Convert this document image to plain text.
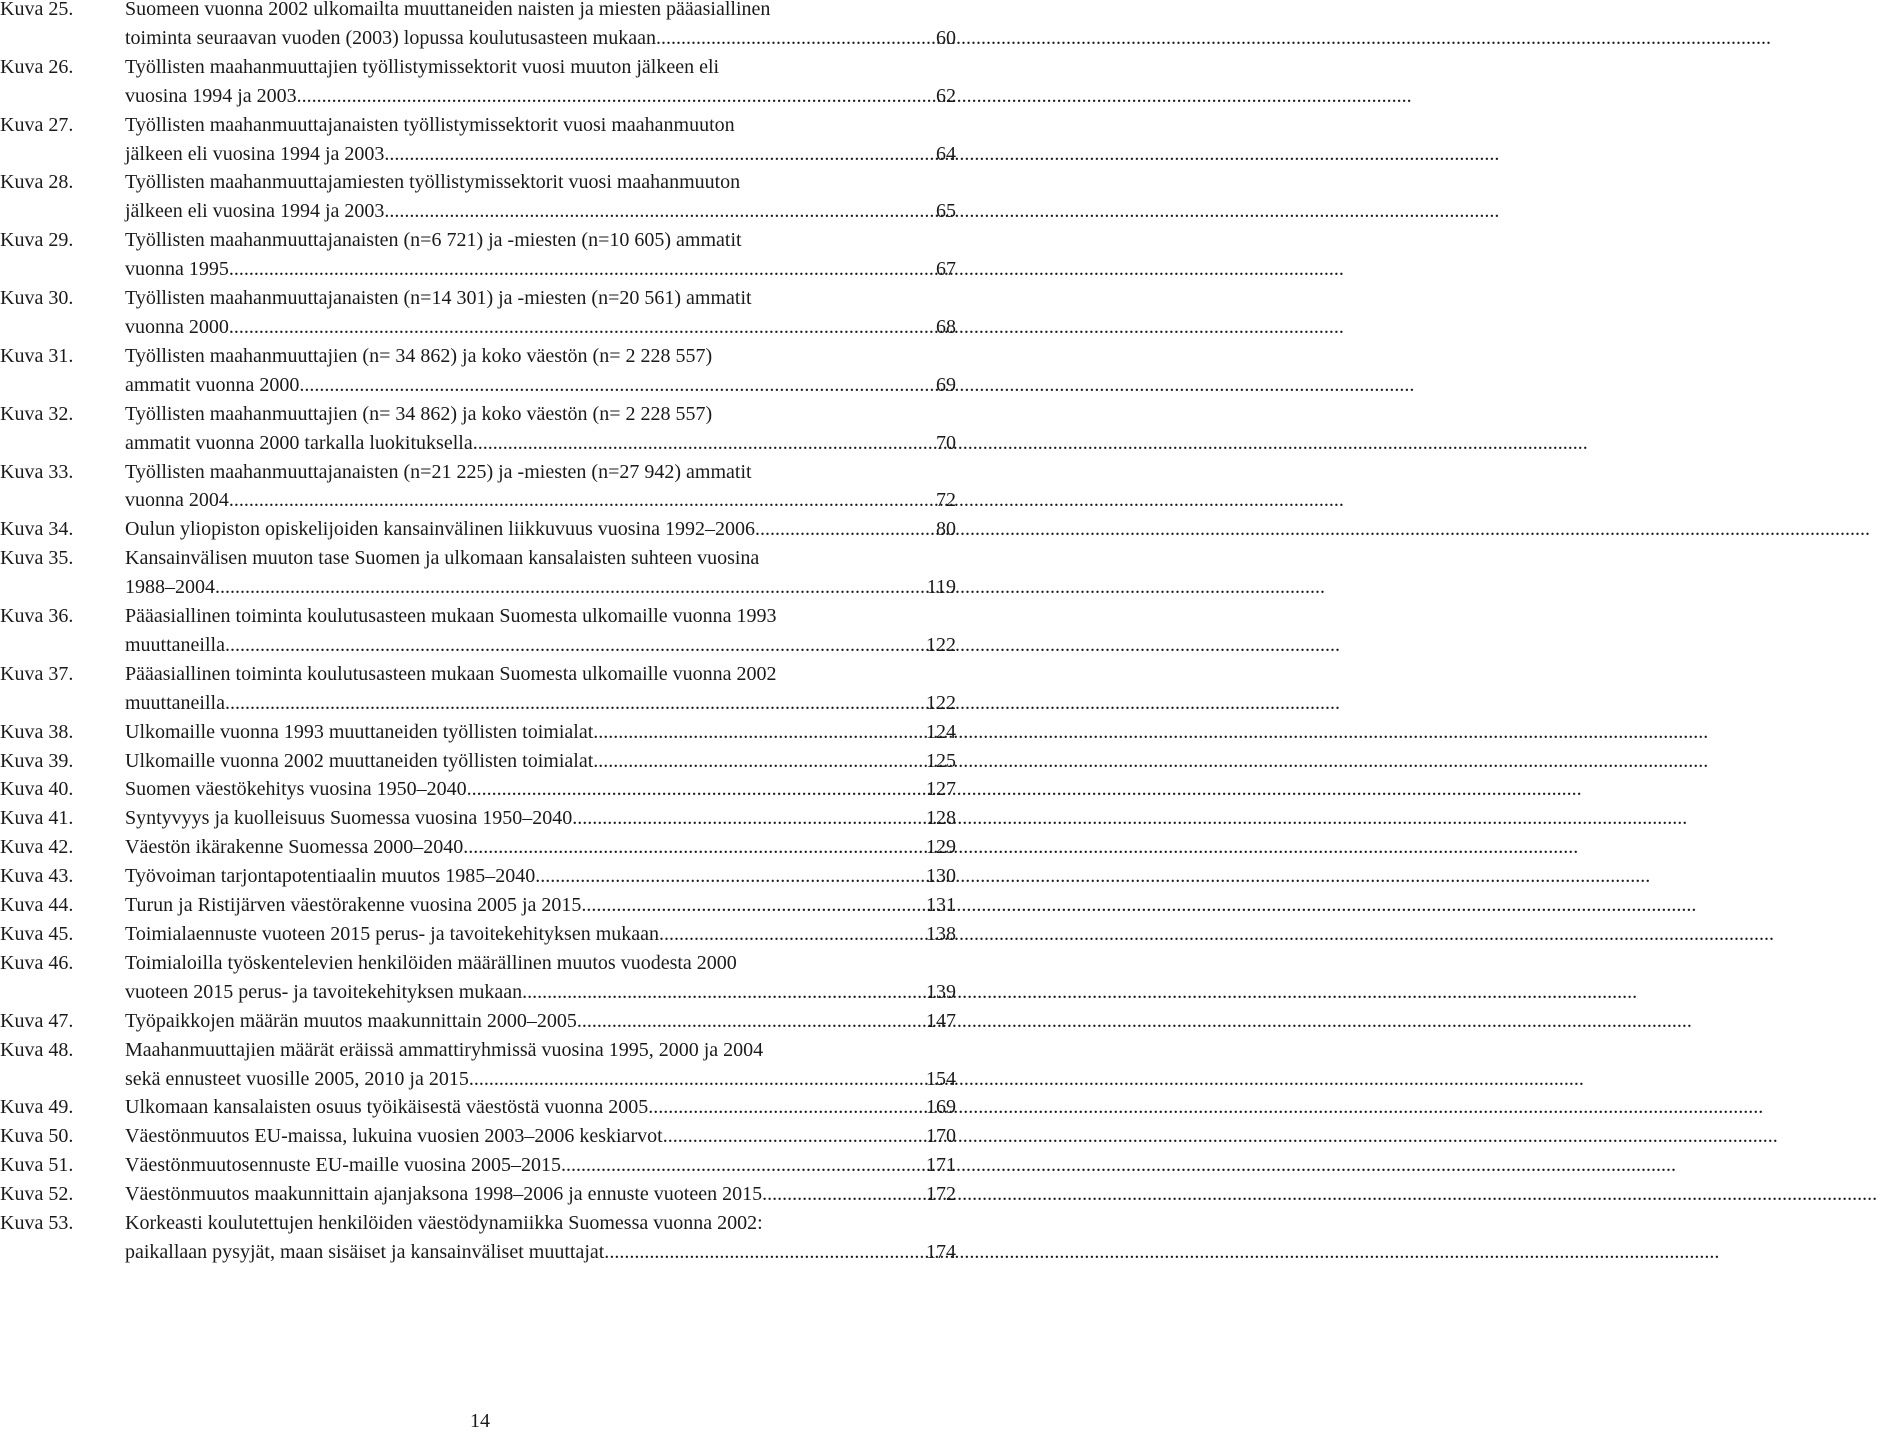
Kuva 25.	Suomeen vuonna 2002 ulkomailta muuttaneiden naisten ja miesten pääasiallinen
toiminta seuraavan vuoden (2003) lopussa koulutusasteen mukaan. .....	60
Kuva 26.	Työllisten maahanmuuttajien työllistymissektorit vuosi muuton jälkeen eli
vuosina 1994 ja 2003. .....	62
Kuva 27.	Työllisten maahanmuuttajanaisten työllistymissektorit vuosi maahanmuuton
jälkeen eli vuosina 1994 ja 2003. .....	64
Kuva 28.	Työllisten maahanmuuttajamiesten työllistymissektorit vuosi maahanmuuton
jälkeen eli vuosina 1994 ja 2003. .....	65
Kuva 29.	Työllisten maahanmuuttajanaisten (n=6 721) ja -miesten (n=10 605) ammatit
vuonna 1995. .....	67
Kuva 30.	Työllisten maahanmuuttajanaisten (n=14 301) ja -miesten (n=20 561) ammatit
vuonna 2000. .....	68
Kuva 31.	Työllisten maahanmuuttajien (n= 34 862) ja koko väestön (n= 2 228 557)
ammatit vuonna 2000. .....	69
Kuva 32.	Työllisten maahanmuuttajien (n= 34 862) ja koko väestön (n= 2 228 557)
ammatit vuonna 2000 tarkalla luokituksella. .....	70
Kuva 33.	Työllisten maahanmuuttajanaisten (n=21 225) ja -miesten (n=27 942) ammatit
vuonna 2004. .....	72
Kuva 34.	Oulun yliopiston opiskelijoiden kansainvälinen liikkuvuus vuosina 1992–2006. .....	80
Kuva 35.	Kansainvälisen muuton tase Suomen ja ulkomaan kansalaisten suhteen vuosina
1988–2004 .....	119
Kuva 36.	Pääasiallinen toiminta koulutusasteen mukaan Suomesta ulkomaille vuonna 1993
muuttaneilla. .....	122
Kuva 37.	Pääasiallinen toiminta koulutusasteen mukaan Suomesta ulkomaille vuonna 2002
muuttaneilla. .....	122
Kuva 38.	Ulkomaille vuonna 1993 muuttaneiden työllisten toimialat. .....	124
Kuva 39.	Ulkomaille vuonna 2002 muuttaneiden työllisten toimialat. .....	125
Kuva 40.	Suomen väestökehitys vuosina 1950–2040. .....	127
Kuva 41.	Syntyvyys ja kuolleisuus Suomessa vuosina 1950–2040. .....	128
Kuva 42.	Väestön ikärakenne Suomessa 2000–2040. .....	129
Kuva 43.	Työvoiman tarjontapotentiaalin muutos 1985–2040. .....	130
Kuva 44.	Turun ja Ristijärven väestörakenne vuosina 2005 ja 2015. .....	131
Kuva 45.	Toimialaennuste vuoteen 2015 perus- ja tavoitekehityksen mukaan. .....	138
Kuva 46.	Toimialoilla työskentelevien henkilöiden määrällinen muutos vuodesta 2000
vuoteen 2015 perus- ja tavoitekehityksen mukaan. .....	139
Kuva 47.	Työpaikkojen määrän muutos maakunnittain 2000–2005. .....	147
Kuva 48.	Maahanmuuttajien määrät eräissä ammattiryhmissä vuosina 1995, 2000 ja 2004
sekä ennusteet vuosille 2005, 2010 ja 2015. .....	154
Kuva 49.	Ulkomaan kansalaisten osuus työikäisestä väestöstä vuonna 2005. .....	169
Kuva 50.	Väestönmuutos EU-maissa, lukuina vuosien 2003–2006 keskiarvot. .....	170
Kuva 51.	Väestönmuutosennuste EU-maille vuosina 2005–2015. .....	171
Kuva 52.	Väestönmuutos maakunnittain ajanjaksona 1998–2006 ja ennuste vuoteen 2015. .....	172
Kuva 53.	Korkeasti koulutettujen henkilöiden väestödynamiikka Suomessa vuonna 2002:
paikallaan pysyjät, maan sisäiset ja kansainväliset muuttajat. .....	174
14
